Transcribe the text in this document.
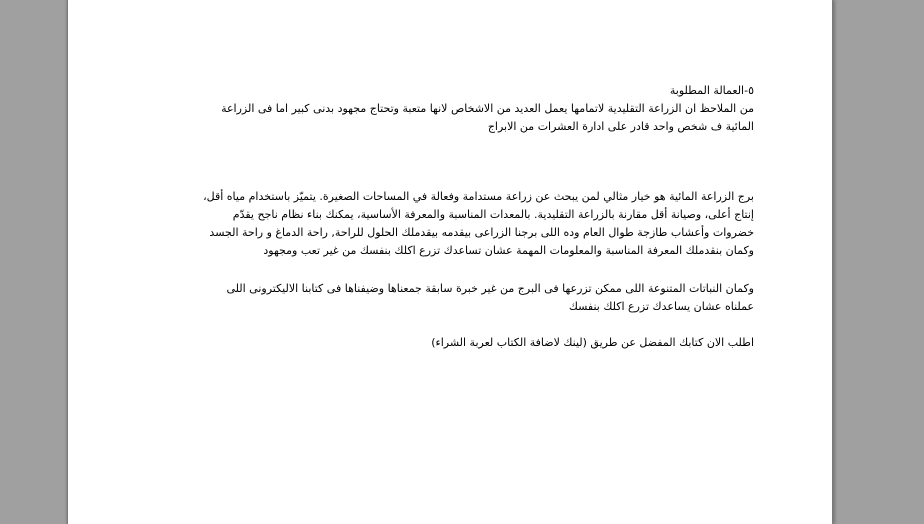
٥-العمالة المطلوبة
من الملاحظ ان الزراعة التقليدية لاتمامها يعمل العديد من الاشخاص لانها متعبة وتحتاج مجهود بدنى كبير اما فى الزراعة
المائية ف شخص واحد قادر على ادارة العشرات من الابراج
برج الزراعة المائية هو خيار مثالي لمن يبحث عن زراعة مستدامة وفعالة في المساحات الصغيرة. يتميّز باستخدام مياه أقل،
إنتاج أعلى، وصيانة أقل مقارنة بالزراعة التقليدية. بالمعدات المناسبة والمعرفة الأساسية، يمكنك بناء نظام ناجح يقدّم
خضروات وأعشاب طازجة طوال العام وده اللى برجنا الزراعى بيقدمه بيقدملك الحلول للراحة, راحة الدماغ و راحة الجسد
وكمان بنقدملك المعرفة المناسبة والمعلومات المهمة عشان تساعدك تزرع اكلك بنفسك من غير تعب ومجهود
وكمان النباتات المتنوعة اللى ممكن تزرعها فى البرج من غير خبرة سابقة جمعناها وضيفناها فى كتابنا الاليكترونى اللى
عملناه عشان يساعدك تزرع اكلك بنفسك
اطلب الان كتابك المفضل عن طريق (لينك لاضافة الكتاب لعربة الشراء)
